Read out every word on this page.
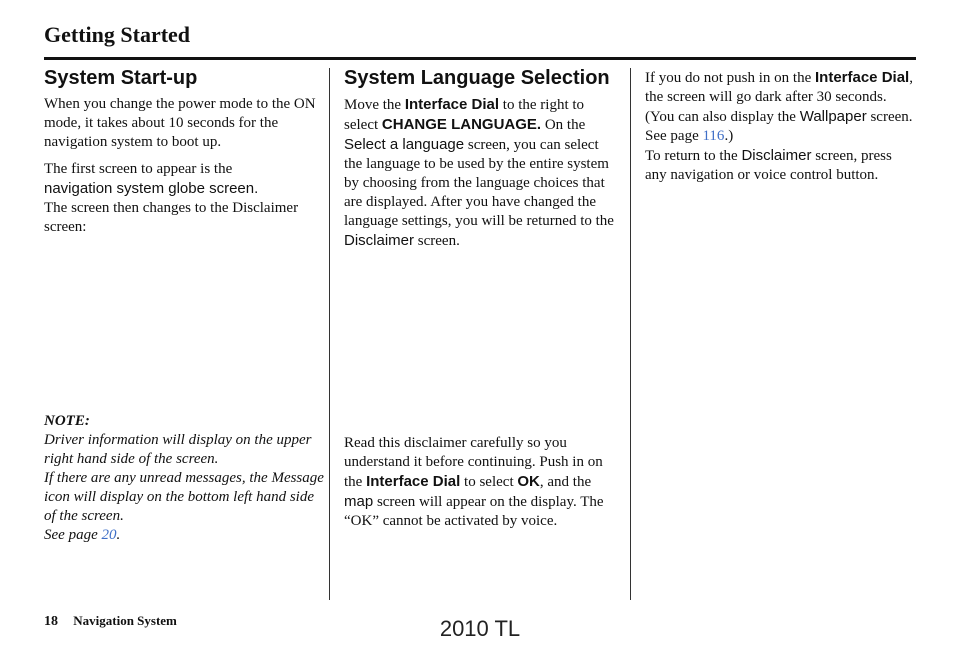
Getting Started
System Start-up

When you change the power mode to the ON mode, it takes about 10 seconds for the navigation system to boot up.

The first screen to appear is the
navigation system globe screen.
The screen then changes to the Disclaimer screen:

NOTE:

Driver information will display on the upper right hand side of the screen.

If there are any unread messages, the Message icon will display on the bottom left hand side of the screen.

See page 20.

System Language Selection

Move the Interface Dial to the right to select CHANGE LANGUAGE. On the Select a language screen, you can select the language to be used by the entire system by choosing from the language choices that are displayed. After you have changed the language settings, you will be returned to the Disclaimer screen.

Read this disclaimer carefully so you understand it before continuing. Push in on the Interface Dial to select OK, and the map screen will appear on the display. The “OK” cannot be activated by voice.

If you do not push in on the Interface Dial, the screen will go dark after 30 seconds. (You can also display the Wallpaper screen. See page 116.)
To return to the Disclaimer screen, press any navigation or voice control button.

18 Navigation System	2010 TL
